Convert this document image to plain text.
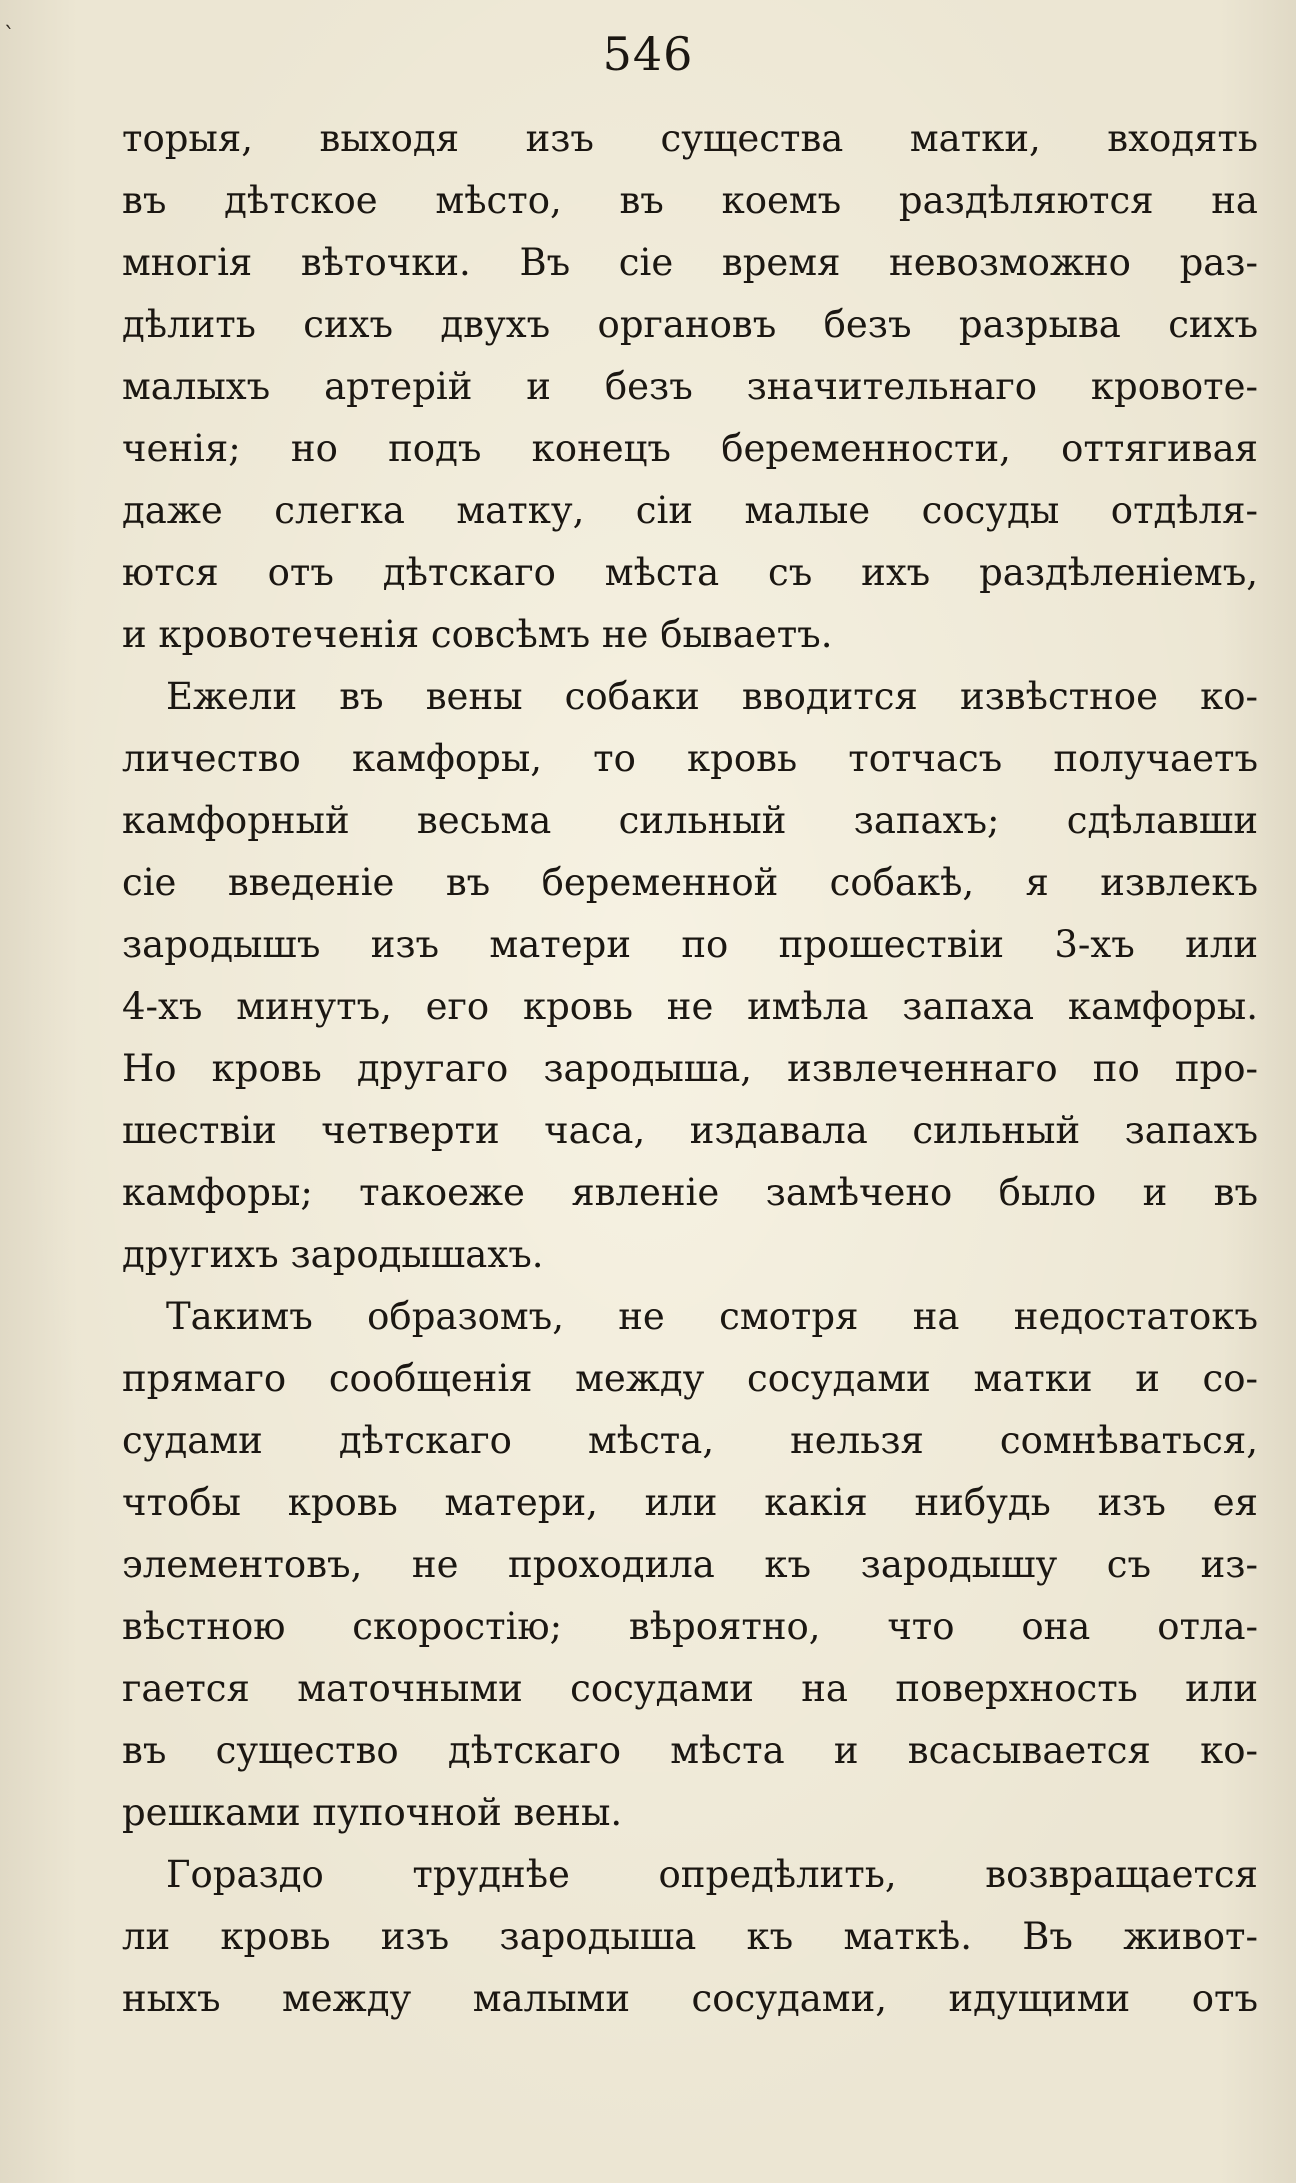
`	546
торыя, выходя изъ существа матки, входять
въ дѣтское мѣсто, въ коемъ раздѣляются на
многія вѣточки. Въ сіе время невозможно раз-
дѣлить сихъ двухъ органовъ безъ разрыва сихъ
малыхъ артерій и безъ значительнаго кровоте-
ченія; но подъ конецъ беременности, оттягивая
даже слегка матку, сіи малые сосуды отдѣля-
ются отъ дѣтскаго мѣста съ ихъ раздѣленіемъ,
и кровотеченія совсѣмъ не бываетъ.
Ежели въ вены собаки вводится извѣстное ко-
личество камфоры, то кровь тотчасъ получаетъ
камфорный весьма сильный запахъ; сдѣлавши
сіе введеніе въ беременной собакѣ, я извлекъ
зародышъ изъ матери по прошествіи 3-хъ или
4-хъ минутъ, его кровь не имѣла запаха камфоры.
Но кровь другаго зародыша, извлеченнаго по про-
шествіи четверти часа, издавала сильный запахъ
камфоры; такоеже явленіе замѣчено было и въ
другихъ зародышахъ.
Такимъ образомъ, не смотря на недостатокъ
прямаго сообщенія между сосудами матки и со-
судами дѣтскаго мѣста, нельзя сомнѣваться,
чтобы кровь матери, или какія нибудь изъ ея
элементовъ, не проходила къ зародышу съ из-
вѣстною скоростію; вѣроятно, что она отла-
гается маточными сосудами на поверхность или
въ существо дѣтскаго мѣста и всасывается ко-
решками пупочной вены.
Гораздо труднѣе опредѣлить, возвращается
ли кровь изъ зародыша къ маткѣ. Въ живот-
ныхъ между малыми сосудами, идущими отъ
